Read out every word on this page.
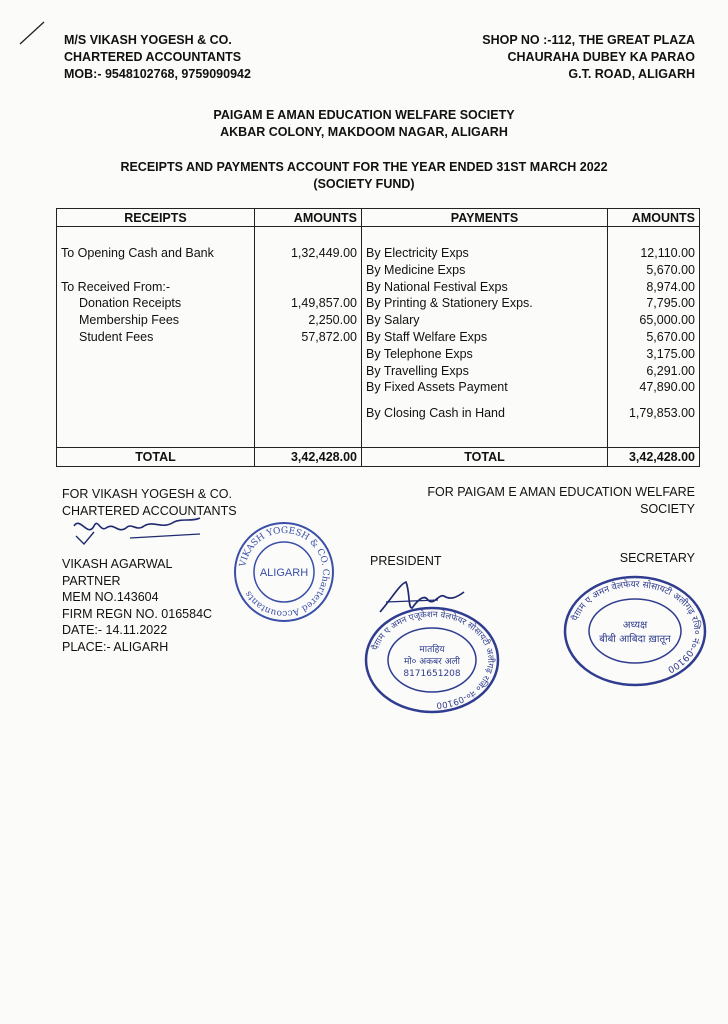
M/S VIKASH YOGESH & CO.
CHARTERED ACCOUNTANTS
MOB:- 9548102768, 9759090942
SHOP NO :-112, THE GREAT PLAZA
CHAURAHA DUBEY KA PARAO
G.T. ROAD, ALIGARH
PAIGAM E AMAN EDUCATION WELFARE SOCIETY
AKBAR COLONY, MAKDOOM NAGAR, ALIGARH
RECEIPTS AND PAYMENTS ACCOUNT FOR THE YEAR ENDED 31ST MARCH 2022
(SOCIETY FUND)
RECEIPTS	AMOUNTS	PAYMENTS	AMOUNTS

To Opening Cash and Bank	1,32,449.00	By Electricity Exps	12,110.00
		By Medicine Exps	5,670.00
To Received From:-		By National Festival Exps	8,974.00
Donation Receipts	1,49,857.00	By Printing & Stationery Exps.	7,795.00
Membership Fees	2,250.00	By Salary	65,000.00
Student Fees	57,872.00	By Staff Welfare Exps	5,670.00
		By Telephone Exps	3,175.00
		By Travelling Exps	6,291.00
		By Fixed Assets Payment	47,890.00
		By Closing Cash in Hand	1,79,853.00

TOTAL	3,42,428.00	TOTAL	3,42,428.00
FOR VIKASH YOGESH & CO.
CHARTERED ACCOUNTANTS
VIKASH AGARWAL
PARTNER
MEM NO.143604
FIRM REGN NO. 016584C
DATE:- 14.11.2022
PLACE:- ALIGARH
VIKASH YOGESH & CO. Chartered Accountants
ALIGARH
FOR PAIGAM E AMAN EDUCATION WELFARE
SOCIETY
PRESIDENT	SECRETARY
पैग़ाम ए अमन एजूकेशन वेलफेयर सोसायटी अलीगढ़ रजि० नं०-09100
मातहिय
मो० अकबर अली
8171651208
पैग़ाम ए अमन वेलफेयर सोसायटी अलीगढ़ रजि० नं०-09100
अध्यक्ष
बीबी आबिदा ख़ातून
